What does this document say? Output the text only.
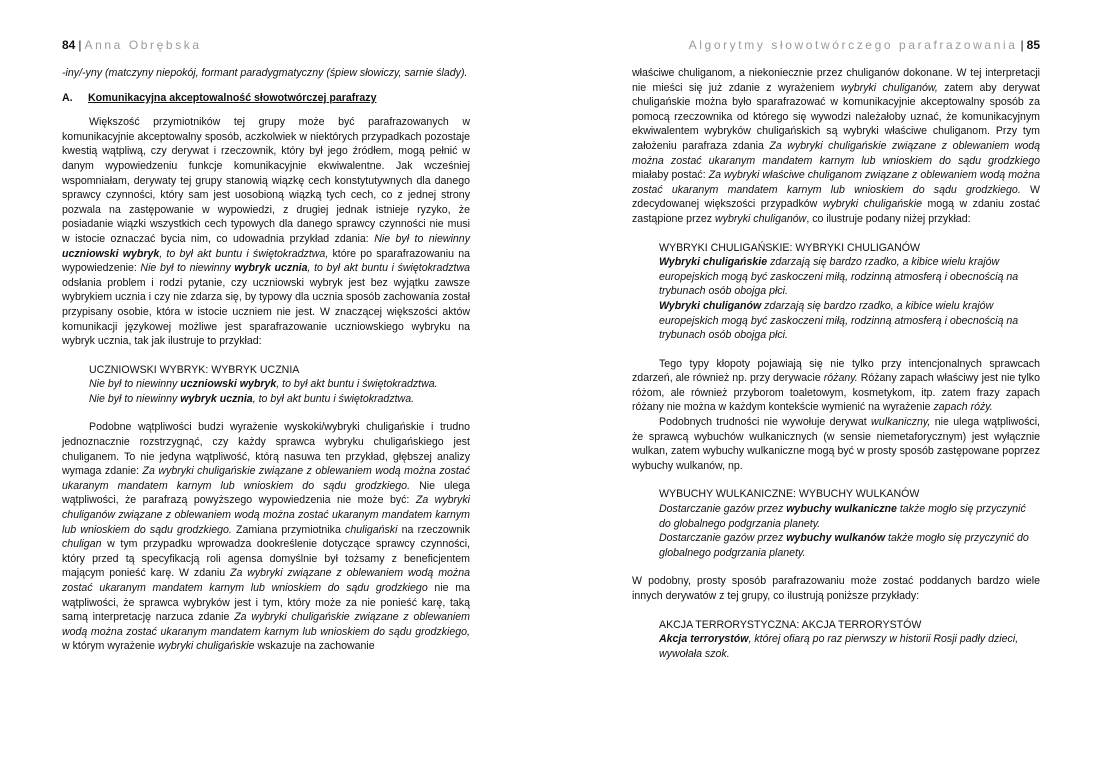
84 | Anna Obrębska

-iny/-yny (matczyny niepokój, formant paradygmatyczny (śpiew słowiczy, sarnie ślady).

A. Komunikacyjna akceptowalność słowotwórczej parafrazy

Większość przymiotników tej grupy może być parafrazowanych w komunikacyjnie akceptowalny sposób, aczkolwiek w niektórych przypadkach pozostaje kwestią wątpliwą, czy derywat i rzeczownik, który był jego źródłem, mogą pełnić w danym wypowiedzeniu funkcje komunikacyjnie ekwiwalentne. Jak wcześniej wspomniałam, derywaty tej grupy stanowią wiązkę cech konstytutywnych dla danego sprawcy czynności, który sam jest uosobioną wiązką tych cech, co z jednej strony pozwala na zastępowanie w wypowiedzi, z drugiej jednak istnieje ryzyko, że posiadanie wiązki wszystkich cech typowych dla danego sprawcy czynności nie musi w istocie oznaczać bycia nim, co udowadnia przykład zdania: Nie był to niewinny uczniowski wybryk, to był akt buntu i świętokradztwa, które po sparafrazowaniu na wypowiedzenie: Nie był to niewinny wybryk ucznia, to był akt buntu i świętokradztwa odsłania problem i rodzi pytanie, czy uczniowski wybryk jest bez wyjątku zawsze wybrykiem ucznia i czy nie zdarza się, by typowy dla ucznia sposób zachowania został przypisany osobie, która w istocie uczniem nie jest. W znaczącej większości aktów komunikacji językowej możliwe jest sparafrazowanie uczniowskiego wybryku na wybryk ucznia, tak jak ilustruje to przykład:

UCZNIOWSKI WYBRYK: WYBRYK UCZNIA
Nie był to niewinny uczniowski wybryk, to był akt buntu i świętokradztwa.
Nie był to niewinny wybryk ucznia, to był akt buntu i świętokradztwa.

Podobne wątpliwości budzi wyrażenie wyskoki/wybryki chuligańskie i trudno jednoznacznie rozstrzygnąć, czy każdy sprawca wybryku chuligańskiego jest chuliganem. To nie jedyna wątpliwość, którą nasuwa ten przykład, głębszej analizy wymaga zdanie: Za wybryki chuligańskie związane z oblewaniem wodą można zostać ukaranym mandatem karnym lub wnioskiem do sądu grodzkiego. Nie ulega wątpliwości, że parafrazą powyższego wypowiedzenia nie może być: Za wybryki chuliganów związane z oblewaniem wodą można zostać ukaranym mandatem karnym lub wnioskiem do sądu grodzkiego. Zamiana przymiotnika chuligański na rzeczownik chuligan w tym przypadku wprowadza dookreślenie dotyczące sprawcy czynności, który przed tą specyfikacją roli agensa domyślnie był tożsamy z beneficjentem mającym ponieść karę. W zdaniu Za wybryki związane z oblewaniem wodą można zostać ukaranym mandatem karnym lub wnioskiem do sądu grodzkiego nie ma wątpliwości, że sprawca wybryków jest i tym, który może za nie ponieść karę, taką samą interpretację narzuca zdanie Za wybryki chuligańskie związane z oblewaniem wodą można zostać ukaranym mandatem karnym lub wnioskiem do sądu grodzkiego, w którym wyrażenie wybryki chuligańskie wskazuje na zachowanie

Algorytmy słowotwórczego parafrazowania | 85

właściwe chuliganom, a niekoniecznie przez chuliganów dokonane. W tej interpretacji nie mieści się już zdanie z wyrażeniem wybryki chuliganów, zatem aby derywat chuligańskie można było sparafrazować w komunikacyjnie akceptowalny sposób za pomocą rzeczownika od którego się wywodzi należałoby uznać, że komunikacyjnym ekwiwalentem wybryków chuligańskich są wybryki właściwe chuliganom. Przy tym założeniu parafraza zdania Za wybryki chuligańskie związane z oblewaniem wodą można zostać ukaranym mandatem karnym lub wnioskiem do sądu grodzkiego miałaby postać: Za wybryki właściwe chuliganom związane z oblewaniem wodą można zostać ukaranym mandatem karnym lub wnioskiem do sądu grodzkiego. W zdecydowanej większości przypadków wybryki chuligańskie mogą w zdaniu zostać zastąpione przez wybryki chuliganów, co ilustruje podany niżej przykład:

WYBRYKI CHULIGAŃSKIE: WYBRYKI CHULIGANÓW
Wybryki chuligańskie zdarzają się bardzo rzadko, a kibice wielu krajów europejskich mogą być zaskoczeni miłą, rodzinną atmosferą i obecnością na trybunach osób obojga płci.
Wybryki chuliganów zdarzają się bardzo rzadko, a kibice wielu krajów europejskich mogą być zaskoczeni miłą, rodzinną atmosferą i obecnością na trybunach osób obojga płci.

Tego typy kłopoty pojawiają się nie tylko przy intencjonalnych sprawcach zdarzeń, ale również np. przy derywacie różany. Różany zapach właściwy jest nie tylko różom, ale również przyborom toaletowym, kosmetykom, itp. zatem frazy zapach różany nie można w każdym kontekście wymienić na wyrażenie zapach róży.

Podobnych trudności nie wywołuje derywat wulkaniczny, nie ulega wątpliwości, że sprawcą wybuchów wulkanicznych (w sensie niemetaforycznym) jest wyłącznie wulkan, zatem wybuchy wulkaniczne mogą być w prosty sposób zastępowane poprzez wybuchy wulkanów, np.

WYBUCHY WULKANICZNE: WYBUCHY WULKANÓW
Dostarczanie gazów przez wybuchy wulkaniczne także mogło się przyczynić do globalnego podgrzania planety.
Dostarczanie gazów przez wybuchy wulkanów także mogło się przyczynić do globalnego podgrzania planety.

W podobny, prosty sposób parafrazowaniu może zostać poddanych bardzo wiele innych derywatów z tej grupy, co ilustrują poniższe przykłady:

AKCJA TERRORYSTYCZNA: AKCJA TERRORYSTÓW
Akcja terrorystów, której ofiarą po raz pierwszy w historii Rosji padły dzieci, wywołała szok.
